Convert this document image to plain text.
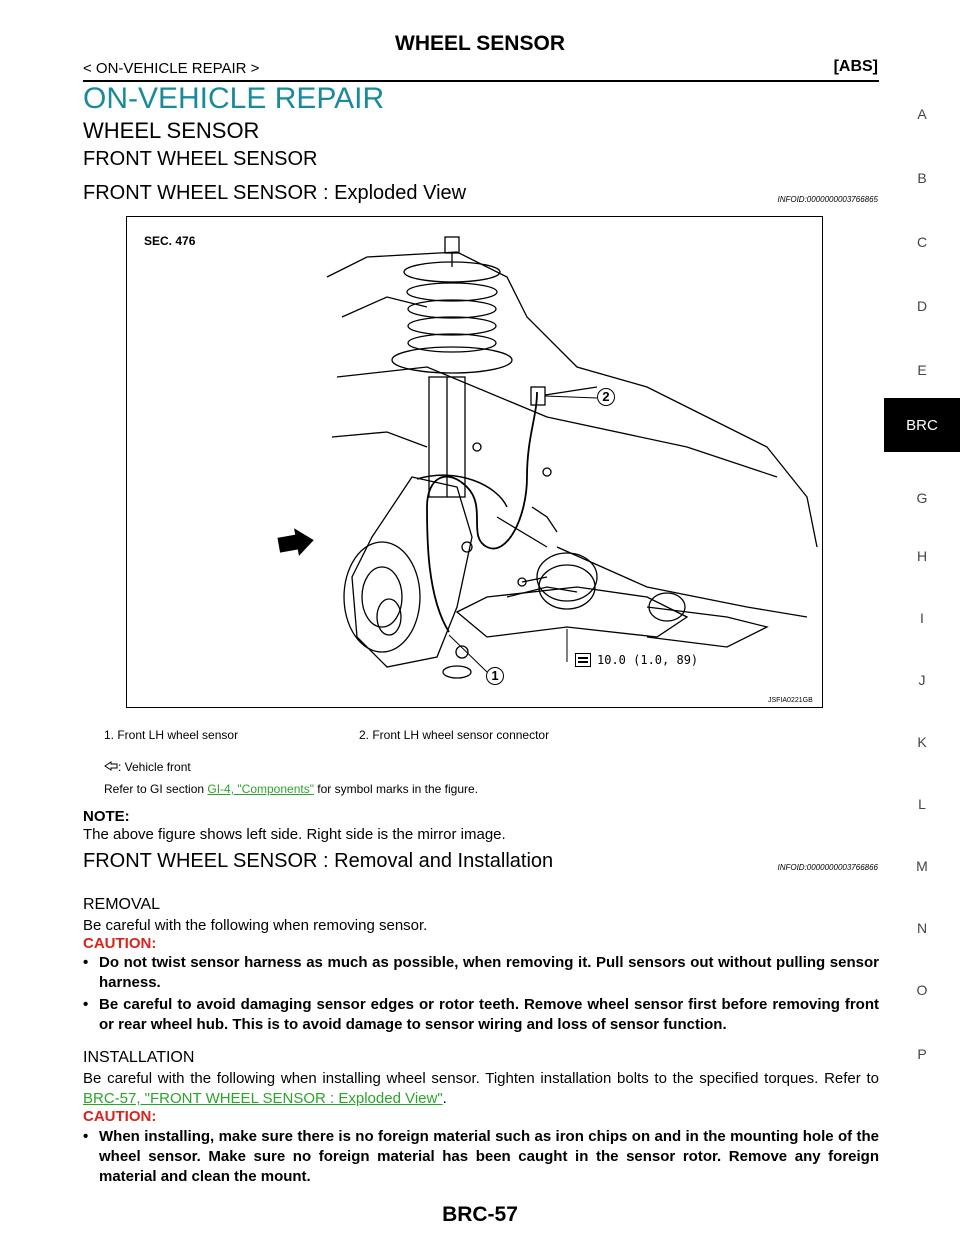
WHEEL SENSOR
< ON-VEHICLE REPAIR >	[ABS]
ON-VEHICLE REPAIR
WHEEL SENSOR
FRONT WHEEL SENSOR
FRONT WHEEL SENSOR : Exploded View	INFOID:0000000003766865
SEC. 476
2
1
10.0 (1.0, 89)
JSFIA0221GB
1. Front LH wheel sensor	2. Front LH wheel sensor connector
: Vehicle front
Refer to GI section GI-4, "Components" for symbol marks in the figure.
NOTE:
The above figure shows left side. Right side is the mirror image.
FRONT WHEEL SENSOR : Removal and Installation	INFOID:0000000003766866
REMOVAL
Be careful with the following when removing sensor.
CAUTION:
• Do not twist sensor harness as much as possible, when removing it. Pull sensors out without pulling sensor harness.
• Be careful to avoid damaging sensor edges or rotor teeth. Remove wheel sensor first before removing front or rear wheel hub. This is to avoid damage to sensor wiring and loss of sensor function.
INSTALLATION
Be careful with the following when installing wheel sensor. Tighten installation bolts to the specified torques. Refer to BRC-57, "FRONT WHEEL SENSOR : Exploded View".
CAUTION:
• When installing, make sure there is no foreign material such as iron chips on and in the mounting hole of the wheel sensor. Make sure no foreign material has been caught in the sensor rotor. Remove any foreign material and clean the mount.
BRC-57
A
B
C
D
E
BRC
G
H
I
J
K
L
M
N
O
P
